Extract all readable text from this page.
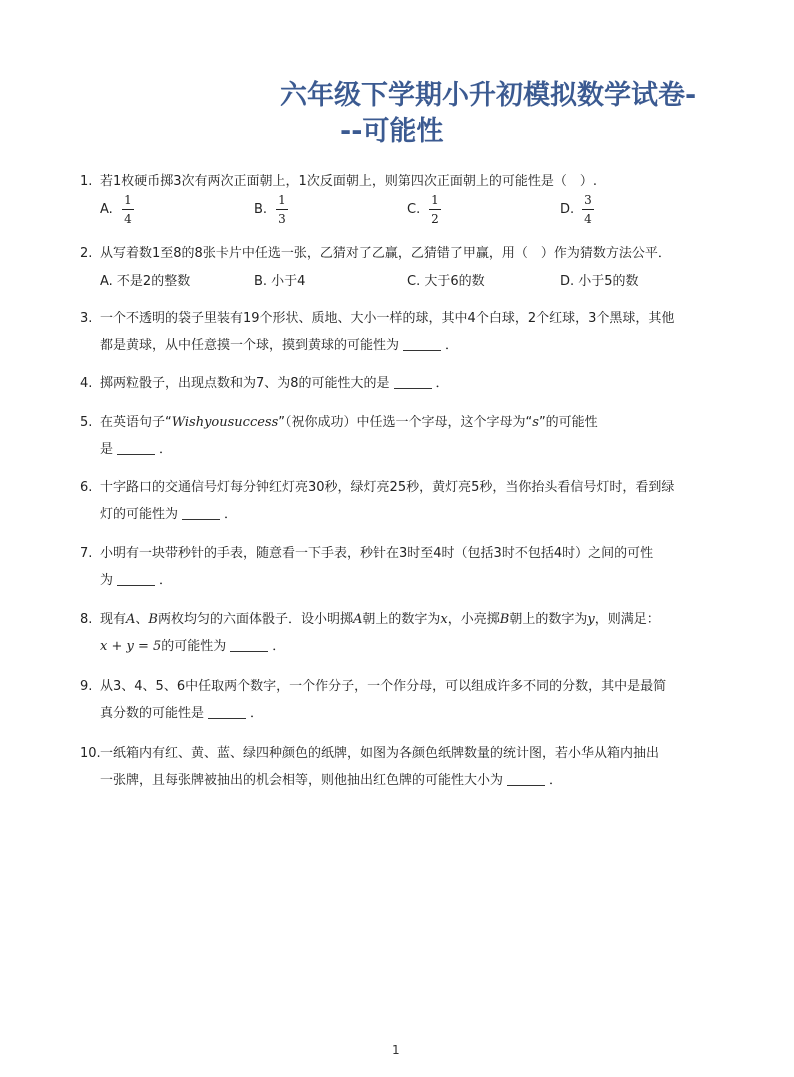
六年级下学期小升初模拟数学试卷-
--可能性
1. 若1枚硬币掷3次有两次正面朝上，1次反面朝上，则第四次正面朝上的可能性是（　）.
A.
1
4
B.
1
3
C.
1
2
D.
3
4
2. 从写着数1至8的8张卡片中任选一张，乙猜对了乙赢，乙猜错了甲赢，用（　）作为猜数方法公平．
A. 不是2的整数	B. 小于4	C. 大于6的数	D. 小于5的数
3. 一个不透明的袋子里装有19个形状、质地、大小一样的球，其中4个白球，2个红球，3个黑球，其他
都是黄球，从中任意摸一个球，摸到黄球的可能性为	．
4. 掷两粒骰子，出现点数和为7、为8的可能性大的是	．
5. 在英语句子“Wishyousuccess”（祝你成功）中任选一个字母，这个字母为“s”的可能性
是	．
6. 十字路口的交通信号灯每分钟红灯亮30秒，绿灯亮25秒，黄灯亮5秒，当你抬头看信号灯时，看到绿
灯的可能性为	．
7. 小明有一块带秒针的手表，随意看一下手表，秒针在3时至4时（包括3时不包括4时）之间的可性
为	．
8. 现有A、B两枚均匀的六面体骰子．设小明掷A朝上的数字为x，小亮掷B朝上的数字为y，则满足：
x + y = 5的可能性为	．
9. 从3、4、5、6中任取两个数字，一个作分子，一个作分母，可以组成许多不同的分数，其中是最简
真分数的可能性是	．
10.一纸箱内有红、黄、蓝、绿四种颜色的纸牌，如图为各颜色纸牌数量的统计图，若小华从箱内抽出
一张牌，且每张牌被抽出的机会相等，则他抽出红色牌的可能性大小为	．
1
